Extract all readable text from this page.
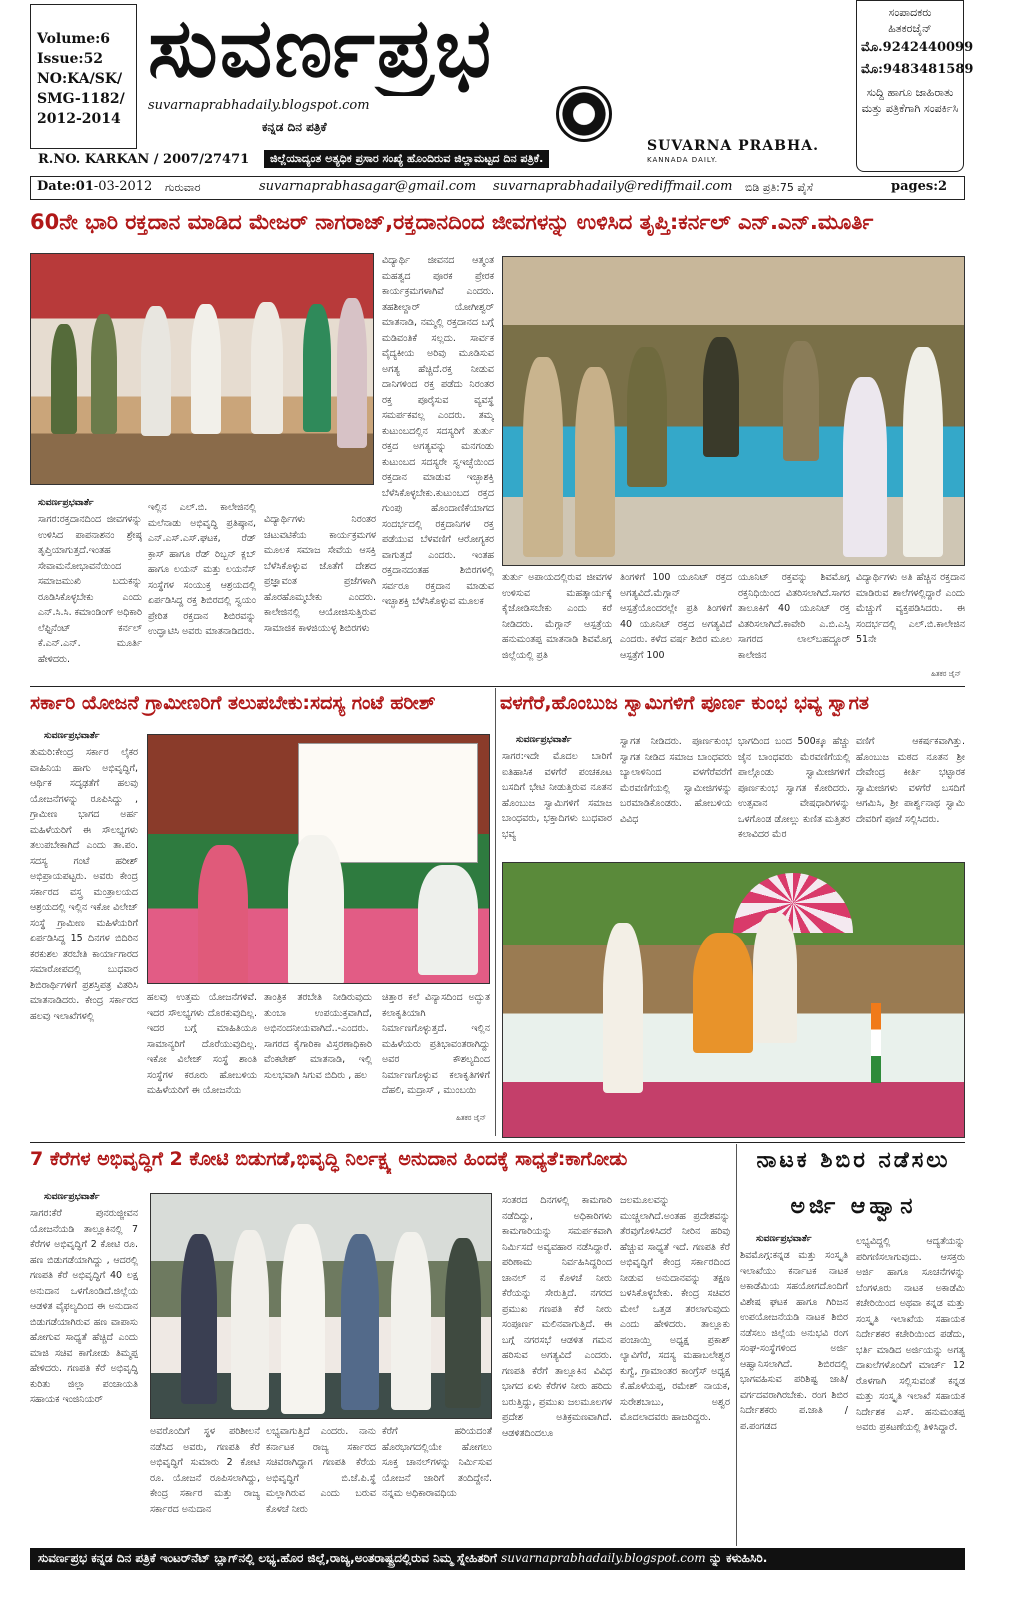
Volume:6
Issue:52
NO:KA/SK/
SMG-1182/
2012-2014
ಸುವರ್ಣಪ್ರಭ
suvarnaprabhadaily.blogspot.com
ಕನ್ನಡ ದಿನ ಪತ್ರಿಕೆ
SUVARNA PRABHA.
KANNADA DAILY.
ಸಂಪಾದಕರು
ಹಿತಕರಜೈನ್
ಮೊ.9242440099
ಮೊ:9483481589
ಸುದ್ದಿ ಹಾಗೂ ಜಾಹಿರಾತು ಮತ್ತು ಪತ್ರಿಕೆಗಾಗಿ ಸಂಪರ್ಕಿಸಿ
R.NO. KARKAN / 2007/27471	ಜಿಲ್ಲೆಯಾದ್ಯಂತ ಅತ್ಯಧಿಕ ಪ್ರಸಾರ ಸಂಖ್ಯೆ ಹೊಂದಿರುವ ಜಿಲ್ಲಾಮಟ್ಟದ ದಿನ ಪತ್ರಿಕೆ.
Date:01-03-2012 ಗುರುವಾರ	suvarnaprabhasagar@gmail.com suvarnaprabhadaily@rediffmail.com ಬಿಡಿ ಪ್ರತಿ:75 ಪೈಸೆ	pages:2
60ನೇ ಭಾರಿ ರಕ್ತದಾನ ಮಾಡಿದ ಮೇಜರ್ ನಾಗರಾಜ್,ರಕ್ತದಾನದಿಂದ ಜೀವಗಳನ್ನು ಉಳಿಸಿದ ತೃಪ್ತಿ:ಕರ್ನಲ್ ಎನ್.ಎನ್.ಮೂರ್ತಿ
ವಿದ್ಯಾರ್ಥಿ ಜೀವನದ ಆತ್ಮಂತ ಮಹತ್ವದ ಪೂರಕ ಪ್ರೇರಕ ಕಾರ್ಯಕ್ರಮಗಳಾಗಿವೆ ಎಂದರು. ತಹಶೀಲ್ದಾರ್ ಯೋಗೀಶ್ವರ್ ಮಾತನಾಡಿ, ನಮ್ಮಲ್ಲಿ ರಕ್ತದಾನದ ಬಗ್ಗೆ ಮಡಿವಂತಿಕೆ ಸಲ್ಲದು. ಸಾರ್ವಕ ವೈದ್ಯಕೀಯ ಅರಿವು ಮೂಡಿಸುವ ಅಗತ್ಯ ಹೆಚ್ಚಿದೆ.ರಕ್ತ ನೀಡುವ ದಾನಿಗಳಿಂದ ರಕ್ತ ಪಡೆದು ನಿರಂತರ ರಕ್ತ ಪೂರೈಸುವ ವ್ಯವಸ್ಥೆ ಸಮರ್ಪಕವಲ್ಲ ಎಂದರು. ತಮ್ಮ ಕುಟುಂಬದಲ್ಲಿನ ಸದಸ್ಯರಿಗೆ ತುರ್ತು ರಕ್ತದ ಅಗತ್ಯವನ್ನು ಮನಗಂಡು ಕುಟುಂಬದ ಸದಸ್ಯರೇ ಸ್ವಇಚ್ಛೆಯಿಂದ ರಕ್ತದಾನ ಮಾಡುವ ಇಚ್ಛಾಶಕ್ತಿ ಬೆಳೆಸಿಕೊಳ್ಳಬೇಕು.ಕುಟುಂಬದ ರಕ್ತದ ಗುಂಪು ಹೊಂದಾಣಿಕೆಯಾಗದ ಸಂದರ್ಭದಲ್ಲಿ ರಕ್ತದಾನಿಗಳ ರಕ್ತ ಪಡೆಯುವ ಬೆಳವಣಿಗೆ ಆರೋಗ್ಯಕರ ವಾಗುತ್ತದೆ ಎಂದರು. ಇಂತಹ ರಕ್ತದಾನದಂತಹ ಶಿಬಿರಗಳಲ್ಲಿ ಸರ್ವರೂ ರಕ್ತದಾನ ಮಾಡುವ ಇಚ್ಛಾಶಕ್ತಿ ಬೆಳೆಸಿಕೊಳ್ಳುವ ಮೂಲಕ
ಸುವರ್ಣಪ್ರಭವಾರ್ತೆ
ಸಾಗರ:ರಕ್ತದಾನದಿಂದ ಜೀವಗಳನ್ನು ಉಳಿಸಿದ ಪಾಪನಾಶನಂ ಶ್ರೇಷ್ಠ ತೃಪ್ತಿಯಾಗುತ್ತದೆ.ಇಂತಹ ಸೇವಾಮನೋಭಾವನೆಯಿಂದ ಸಮಾಜಮುಖಿ ಬದುಕನ್ನು ರೂಡಿಸಿಕೊಳ್ಳಬೇಕು ಎಂದು ಎನ್.ಸಿ.ಸಿ. ಕಮಾಂಡಿಂಗ್ ಅಧಿಕಾರಿ ಲೆಫ್ಟಿನೆಂಟ್ ಕರ್ನಲ್ ಕೆ.ಎನ್.ಎನ್. ಮೂರ್ತಿ ಹೇಳಿದರು.
ಇಲ್ಲಿನ ಎಲ್.ಬಿ. ಕಾಲೇಜಿನಲ್ಲಿ ಮಲೆನಾಡು ಅಭಿವೃದ್ಧಿ ಪ್ರತಿಷ್ಠಾನ, ಎನ್.ಎಸ್.ಎಸ್.ಘಟಕ, ರೆಡ್ ಕ್ರಾಸ್ ಹಾಗೂ ರೆಡ್ ರಿಬ್ಬನ್ ಕ್ಲಬ್ ಹಾಗೂ ಲಯನ್ ಮತ್ತು ಲಯನೆಸ್ ಸಂಸ್ಥೆಗಳ ಸಂಯುಕ್ತ ಆಶ್ರಯದಲ್ಲಿ ಏರ್ಪಡಿಸಿದ್ದ ರಕ್ತ ಶಿಬಿರದಲ್ಲಿ ಸ್ವಯಂ ಪ್ರೇರಿತ ರಕ್ತದಾನ ಶಿಬಿರವನ್ನು ಉದ್ಘಾಟಿಸಿ ಅವರು ಮಾತನಾಡಿದರು.
ವಿದ್ಯಾರ್ಥಿಗಳು ನಿರಂತರ ಚಟುವಟಿಕೆಯ ಕಾರ್ಯಕ್ರಮಗಳ ಮೂಲಕ ಸಮಾಜ ಸೇವೆಯ ಆಸಕ್ತಿ ಬೆಳೆಸಿಕೊಳ್ಳುವ ಜೊತೆಗೆ ದೇಶದ ಪ್ರಜ್ಞಾವಂತ ಪ್ರಜೆಗಳಾಗಿ ಹೊರಹೊಮ್ಮಬೇಕು ಎಂದರು. ಕಾಲೇಜಿನಲ್ಲಿ ಆಯೋಜಿಸುತ್ತಿರುವ ಸಾಮಾಜಿಕ ಕಾಳಜಿಯುಳ್ಳ ಶಿಬಿರಗಳು
ತುರ್ತು ಅಪಾಯದಲ್ಲಿರುವ ಜೀವಗಳ ಉಳಿಸುವ ಮಹತ್ಕಾರ್ಯಕ್ಕೆ ಕೈಜೋಡಿಸಬೇಕು ಎಂದು ಕರೆ ನೀಡಿದರು. ಮೆಗ್ಗಾನ್ ಆಸ್ಪತ್ರೆಯ ಹನುಮಂತಪ್ಪ ಮಾತನಾಡಿ ಶಿವಮೊಗ್ಗ ಜಿಲ್ಲೆಯಲ್ಲಿ ಪ್ರತಿ
ತಿಂಗಳಿಗೆ 100 ಯೂನಿಟ್ ರಕ್ತದ ಅಗತ್ಯವಿದೆ.ಮೆಗ್ಗಾನ್ ಆಸ್ಪತ್ರೆಯೊಂದರಲ್ಲೇ ಪ್ರತಿ ತಿಂಗಳಿಗೆ 40 ಯೂನಿಟ್ ರಕ್ತದ ಅಗತ್ಯವಿದೆ ಎಂದರು. ಕಳೆದ ವರ್ಷ ಶಿಬಿರ ಮೂಲ ಆಸ್ಪತ್ರೆಗೆ 100
ಯೂನಿಟ್ ರಕ್ತವನ್ನು ಶಿವಮೊಗ್ಗ ರಕ್ತನಿಧಿಯಿಂದ ವಿತರಿಸಲಾಗಿದೆ.ಸಾಗರ ತಾಲೂಕಿಗೆ 40 ಯೂನಿಟ್ ರಕ್ತ ವಿತರಿಸಲಾಗಿದೆ.ಕಾವೇರಿ ಎ.ಬಿ.ಎಸ್ಸಿ ಸಾಗರದ ಲಾಲ್‌ಬಹದ್ದೂರ್ ಕಾಲೇಜಿನ
ವಿದ್ಯಾರ್ಥಿಗಳು ಅತಿ ಹೆಚ್ಚಿನ ರಕ್ತದಾನ ಮಾಡಿರುವ ಶಾಲೆಗಳಲ್ಲಿದ್ದಾರೆ ಎಂದು ಮೆಚ್ಚುಗೆ ವ್ಯಕ್ತಪಡಿಸಿದರು. ಈ ಸಂದರ್ಭದಲ್ಲಿ ಎಲ್.ಬಿ.ಕಾಲೇಜಿನ 51ನೇ
ಹಿತಕರ ಜೈನ್
ಸರ್ಕಾರಿ ಯೋಜನೆ ಗ್ರಾಮೀಣರಿಗೆ ತಲುಪಬೇಕು:ಸದಸ್ಯ ಗಂಟೆ ಹರೀಶ್
ಸುವರ್ಣಪ್ರಭವಾರ್ತೆ
ತುಮರಿ:ಕೇಂದ್ರ ಸರ್ಕಾರ ಲೈಕರ ವಾಹಿನಿಯ ಹಾಗು ಅಭಿವೃದ್ಧಿಗೆ, ಆರ್ಥಿಕ ಸದೃಢತೆಗೆ ಹಲವು ಯೋಜನೆಗಳನ್ನು ರೂಪಿಸಿದ್ದು , ಗ್ರಾಮೀಣ ಭಾಗದ ಅರ್ಹ ಮಹಿಳೆಯರಿಗೆ ಈ ಸೌಲಭ್ಯಗಳು ತಲುಪಬೇಕಾಗಿದೆ ಎಂದು ತಾ.ಪಂ. ಸದಸ್ಯ ಗಂಟೆ ಹರೀಶ್ ಅಭಿಪ್ರಾಯಪಟ್ಟರು. ಅವರು ಕೇಂದ್ರ ಸರ್ಕಾರದ ವಸ್ತ್ರ ಮಂತ್ರಾಲಯದ ಆಶ್ರಯದಲ್ಲಿ ಇಲ್ಲಿನ ಇಕೋ ವಿಲೇಜ್ ಸಂಸ್ಥೆ ಗ್ರಾಮೀಣ ಮಹಿಳೆಯರಿಗೆ ಏರ್ಪಡಿಸಿದ್ದ 15 ದಿನಗಳ ಬಿದಿರಿನ ಕರಕುಶಲ ತರಬೇತಿ ಕಾರ್ಯಾಗಾರದ ಸಮಾರೋಪದಲ್ಲಿ ಬುಧವಾರ ಶಿಬಿರಾರ್ಥಿಗಳಿಗೆ ಪ್ರಶಸ್ತಿಪತ್ರ ವಿತರಿಸಿ ಮಾತನಾಡಿದರು. ಕೇಂದ್ರ ಸರ್ಕಾರದ ಹಲವು ಇಲಾಖೆಗಳಲ್ಲಿ
ಹಲವು ಉತ್ತಮ ಯೋಜನೆಗಳಿವೆ. ಇದರ ಸೌಲಭ್ಯಗಳು ದೊರಕುವುದಿಲ್ಲ. ಇದರ ಬಗ್ಗೆ ಮಾಹಿತಿಯೂ ಸಾಮಾನ್ಯರಿಗೆ ದೊರೆಯುವುದಿಲ್ಲ. ಇಕೋ ವಿಲೇಜ್ ಸಂಸ್ಥೆ ಶಾಂತಿ ಸಂಸ್ಥೆಗಳ ಕರೂರು ಹೋಬಳಿಯ ಮಹಿಳೆಯರಿಗೆ ಈ ಯೋಜನೆಯ
ತಾಂತ್ರಿಕ ತರಬೇತಿ ನೀಡಿರುವುದು ತುಂಬಾ ಉಪಯುಕ್ತವಾಗಿದೆ, ಅಭಿನಂದನೀಯವಾಗಿದೆ..-ಎಂದರು. ಸಾಗರದ ಕೈಗಾರಿಕಾ ವಿಸ್ತರಣಾಧಿಕಾರಿ ವೆಂಕಟೇಶ್ ಮಾತನಾಡಿ, ಇಲ್ಲಿ ಸುಲಭವಾಗಿ ಸಿಗುವ ಬಿದಿರು , ಹಲ
ಚಿತ್ತಾರ ಕಲೆ ವಿನ್ಯಾಸದಿಂದ ಅದ್ಭುತ ಕಲಾಕೃತಿಯಾಗಿ ನಿರ್ಮಾಣಗೊಳ್ಳುತ್ತದೆ. ಇಲ್ಲಿನ ಮಹಿಳೆಯರು ಪ್ರತಿಭಾವಂತರಾಗಿದ್ದು ಅವರ ಕೌಶಲ್ಯದಿಂದ ನಿರ್ಮಾಣಗೊಳ್ಳುವ ಕಲಾಕೃತಿಗಳಿಗೆ ದೆಹಲಿ, ಮದ್ರಾಸ್ , ಮುಂಬಯಿ
ಹಿತಕರ ಜೈನ್
ವಳಗೆರೆ,ಹೊಂಬುಜ ಸ್ವಾಮಿಗಳಿಗೆ ಪೂರ್ಣ ಕುಂಭ ಭವ್ಯ ಸ್ವಾಗತ
ಸುವರ್ಣಪ್ರಭವಾರ್ತೆ
ಸಾಗರ:ಇದೇ ಮೊದಲ ಬಾರಿಗೆ ಐತಿಹಾಸಿಕ ವಳಗೆರೆ ಪಂಚಕೂಟ ಬಸದಿಗೆ ಭೇಟಿ ನೀಡುತ್ತಿರುವ ನೂತನ ಹೊಂಬುಜ ಸ್ವಾಮಿಗಳಿಗೆ ಸಮಾಜ ಬಾಂಧವರು, ಭಕ್ತಾದಿಗಳು ಬುಧವಾರ ಭವ್ಯ
ಸ್ವಾಗತ ನೀಡಿದರು. ಪೂರ್ಣಕುಂಭ ಸ್ವಾಗತ ನೀಡಿದ ಸಮಾಜ ಬಾಂಧವರು ಬ್ಯಾಲಾಳಿನಿಂದ ವಳಗೆರೆವರೆಗೆ ಮೆರವಣಿಗೆಯಲ್ಲಿ ಸ್ವಾಮೀಜಿಗಳನ್ನು ಬರಮಾಡಿಕೊಂಡರು. ಹೋಬಳಿಯ ವಿವಿಧ
ಭಾಗದಿಂದ ಬಂದ 500ಕ್ಕೂ ಹೆಚ್ಚು ಜೈನ ಬಾಂಧವರು ಮೆರವಣಿಗೆಯಲ್ಲಿ ಪಾಲ್ಗೊಂಡು ಸ್ವಾಮೀಜಿಗಳಿಗೆ ಪೂರ್ಣಕುಂಭ ಸ್ವಾಗತ ಕೋರಿದರು. ಉತ್ಸವಾನ ವೇಷಧಾರಿಗಳನ್ನು ಒಳಗೊಂಡ ಡೋಲ್ಲು ಕುಣಿತ ಮತ್ತಿತರ ಕಲಾವಿದರ ಮೆರ
ವಣಿಗೆ ಆಕರ್ಷಕವಾಗಿತ್ತು. ಹೊಂಬುಜ ಮಠದ ನೂತನ ಶ್ರೀ ದೇವೇಂದ್ರ ಕೀರ್ತಿ ಭಟ್ಟಾರಕ ಸ್ವಾಮೀಜಿಗಳು ವಳಗೆರೆ ಬಸದಿಗೆ ಆಗಮಿಸಿ, ಶ್ರೀ ಪಾರ್ಶ್ವನಾಥ ಸ್ವಾಮಿ ದೇವರಿಗೆ ಪೂಜೆ ಸಲ್ಲಿಸಿದರು.
7 ಕೆರೆಗಳ ಅಭಿವೃದ್ಧಿಗೆ 2 ಕೋಟಿ ಬಿಡುಗಡೆ,ಭಿವೃದ್ಧಿ ನಿರ್ಲಕ್ಷ್ಯ ಅನುದಾನ ಹಿಂದಕ್ಕೆ ಸಾಧ್ಯತೆ:ಕಾಗೋಡು
ಸುವರ್ಣಪ್ರಭವಾರ್ತೆ
ಸಾಗರ:ಕೆರೆ ಪುನರುಜ್ಜೀವನ ಯೋಜನೆಯಡಿ ತಾಲ್ಲೂಕಿನಲ್ಲಿ 7 ಕೆರೆಗಳ ಅಭಿವೃದ್ಧಿಗೆ 2 ಕೋಟಿ ರೂ. ಹಣ ಬಿಡುಗಡೆಯಾಗಿದ್ದು , ಆದರಲ್ಲಿ ಗಣಪತಿ ಕೆರೆ ಅಭಿವೃದ್ಧಿಗೆ 40 ಲಕ್ಷ ಅನುದಾನ ಒಳಗೊಂಡಿದೆ.ಜಿಲ್ಲೆಯ ಆಡಳಿತ ವೈಫಲ್ಯದಿಂದ ಈ ಅನುದಾನ ಬಿಡುಗಡೆಯಾಗಿರುವ ಹಣ ವಾಪಾಸು ಹೋಗುವ ಸಾಧ್ಯತೆ ಹೆಚ್ಚಿದೆ ಎಂದು ಮಾಜಿ ಸಚಿವ ಕಾಗೋಡು ತಿಮ್ಮಪ್ಪ ಹೇಳಿದರು. ಗಣಪತಿ ಕೆರೆ ಅಭಿವೃದ್ಧಿ ಕುರಿತು ಜಿಲ್ಲಾ ಪಂಚಾಯತಿ ಸಹಾಯಕ ಇಂಜಿನಿಯರ್
ಅವರೊಂದಿಗೆ ಸ್ಥಳ ಪರಿಶೀಲನೆ ನಡೆಸಿದ ಅವರು, ಗಣಪತಿ ಕೆರೆ ಅಭಿವೃದ್ಧಿಗೆ ಸುಮಾರು 2 ಕೋಟಿ ರೂ. ಯೋಜನೆ ರೂಪಿಸಲಾಗಿದ್ದು, ಕೇಂದ್ರ ಸರ್ಕಾರ ಮತ್ತು ರಾಜ್ಯ ಸರ್ಕಾರದ ಅನುದಾನ
ಲಭ್ಯವಾಗುತ್ತಿದೆ ಎಂದರು. ನಾನು ಕರ್ನಾಟಕ ರಾಜ್ಯ ಸರ್ಕಾರದ ಸಚಿವರಾಗಿದ್ದಾಗ ಗಣಪತಿ ಕೆರೆಯ ಅಭಿವೃದ್ಧಿಗೆ ಬಿ.ಜೆ.ಪಿ.ಸ್ಥೆ ಮಲ್ಲಾಗಿರುವ ಎಂದು ಬರುವ ಕೊಳಚೆ ನೀರು
ಕೆರೆಗೆ ಹರಿಯದಂತೆ ಹೊರಭಾಗದಲ್ಲಿಯೇ ಹೋಗಲು ಸೂಕ್ತ ಚಾನಲ್‌ಗಳನ್ನು ನಿರ್ಮಿಸುವ ಯೋಜನೆ ಜಾರಿಗೆ ತಂದಿದ್ದೇನೆ. ನನ್ನಮ ಅಧಿಕಾರಾವಧಿಯ
ಸಂತರದ ದಿನಗಳಲ್ಲಿ ಕಾಮಗಾರಿ ನಡೆದಿದ್ದು, ಅಧಿಕಾರಿಗಳು ಕಾಮಗಾರಿಯನ್ನು ಸಮರ್ಪಕವಾಗಿ ನಿರ್ಮಿಸದೆ ಅವ್ಯವಹಾರ ನಡೆಸಿದ್ದಾರೆ. ಪರಿಣಾಮ ನಿರ್ವಹಿಸಿದ್ದರಿಂದ ಚಾನಲ್ ನ ಕೊಳಚೆ ನೀರು ಕೆರೆಯನ್ನು ಸೇರುತ್ತಿದೆ. ನಗರದ ಪ್ರಮುಖ ಗಣಪತಿ ಕೆರೆ ನೀರು ಸಂಪೂರ್ಣ ಮಲಿನವಾಗುತ್ತಿದೆ. ಈ ಬಗ್ಗೆ ನಗರಸಭೆ ಆಡಳಿತ ಗಮನ ಹರಿಸುವ ಅಗತ್ಯವಿದೆ ಎಂದರು. ಗಣಪತಿ ಕೆರೆಗೆ ತಾಲ್ಲೂಕಿನ ವಿವಿಧ ಭಾಗದ ಏಳು ಕೆರೆಗಳ ನೀರು ಹರಿದು ಬರುತ್ತಿದ್ದು, ಪ್ರಮುಖ ಜಲಮೂಲಗಳ ಪ್ರದೇಶ ಅತಿಕ್ರಮಣವಾಗಿದೆ. ಆಡಳಿತದಿಂದಲೂ
ಜಲಮೂಲವನ್ನು ಮುಚ್ಚಲಾಗಿದೆ.ಅಂತಹ ಪ್ರದೇಶವನ್ನು ತೆರವುಗೊಳಿಸಿದರೆ ನೀರಿನ ಹರಿವು ಹೆಚ್ಚುವ ಸಾಧ್ಯತೆ ಇದೆ. ಗಣಪತಿ ಕೆರೆ ಅಭಿವೃದ್ಧಿಗೆ ಕೇಂದ್ರ ಸರ್ಕಾರದಿಂದ ನೀಡುವ ಅನುದಾನವನ್ನು ತಕ್ಷಣ ಬಳಸಿಕೊಳ್ಳಬೇಕು. ಕೇಂದ್ರ ಸಚಿವರ ಮೇಲೆ ಒತ್ತಡ ತರಲಾಗುವುದು ಎಂದು ಹೇಳಿದರು. ತಾಲ್ಲೂಕು ಪಂಚಾಯ್ತಿ ಅಧ್ಯಕ್ಷ ಪ್ರಕಾಶ್ ಲ್ಯಾವಿಗೆರೆ, ಸದಸ್ಯ ಮಹಾಬಲೇಶ್ವರ ಕುಗ್ವೆ, ಗ್ರಾಮಾಂತರ ಕಾಂಗ್ರೆಸ್ ಅಧ್ಯಕ್ಷ ಕೆ.ಹೊಳೆಯಪ್ಪ, ರಮೇಶ್ ನಾಯಕ, ಸುರೇಶಬಾಬು, ಅಶ್ವರ ಮೊದಲಾದವರು ಹಾಜರಿದ್ದರು.
ನಾಟಕ ಶಿಬಿರ ನಡೆಸಲು
ಅರ್ಜಿ ಆಹ್ವಾನ
ಸುವರ್ಣಪ್ರಭವಾರ್ತೆ
ಶಿವಮೊಗ್ಗ:ಕನ್ನಡ ಮತ್ತು ಸಂಸ್ಕೃತಿ ಇಲಾಖೆಯು ಕರ್ನಾಟಕ ನಾಟಕ ಅಕಾಡೆಮಿಯ ಸಹಯೋಗದೊಂದಿಗೆ ವಿಶೇಷ ಘಟಕ ಹಾಗೂ ಗಿರಿಜನ ಉಪಯೋಜನೆಯಡಿ ನಾಟಕ ಶಿಬಿರ ನಡೆಸಲು ಜಿಲ್ಲೆಯ ಅನುಭವಿ ರಂಗ ಸಂಘ-ಸಂಸ್ಥೆಗಳಿಂದ ಅರ್ಜಿ ಆಹ್ವಾನಿಸಲಾಗಿದೆ. ಶಿಬಿರದಲ್ಲಿ ಭಾಗವಹಿಸುವ ಪರಿಶಿಷ್ಟ ಜಾತಿ/ವರ್ಗದವರಾಗಿರಬೇಕು. ರಂಗ ಶಿಬಿರ ನಿರ್ದೇಶಕರು ಪ.ಜಾತಿ / ಪ.ಪಂಗಡದ
ಲಭ್ಯವಿದ್ದಲ್ಲಿ ಆದ್ಯತೆಯನ್ನು ಪರಿಗಣಿಸಲಾಗುವುದು. ಆಸಕ್ತರು ಅರ್ಜಿ ಹಾಗೂ ಸೂಚನೆಗಳನ್ನು ಬೆಂಗಳೂರು ನಾಟಕ ಅಕಾಡೆಮಿ ಕಚೇರಿಯಿಂದ ಅಥವಾ ಕನ್ನಡ ಮತ್ತು ಸಂಸ್ಕೃತಿ ಇಲಾಖೆಯ ಸಹಾಯಕ ನಿರ್ದೇಶಕರ ಕಚೇರಿಯಿಂದ ಪಡೆದು, ಭರ್ತಿ ಮಾಡಿದ ಅರ್ಜಿಯನ್ನು ಅಗತ್ಯ ದಾಖಲೆಗಳೊಂದಿಗೆ ಮಾರ್ಚ್ 12 ರೊಳಗಾಗಿ ಸಲ್ಲಿಸುವಂತೆ ಕನ್ನಡ ಮತ್ತು ಸಂಸ್ಕೃತಿ ಇಲಾಖೆ ಸಹಾಯಕ ನಿರ್ದೇಶಕ ಎಸ್. ಹನುಮಂತಪ್ಪ ಅವರು ಪ್ರಕಟಣೆಯಲ್ಲಿ ತಿಳಿಸಿದ್ದಾರೆ.
ಸುವರ್ಣಪ್ರಭ ಕನ್ನಡ ದಿನ ಪತ್ರಿಕೆ ಇಂಟರ್‌ನೆಟ್ ಬ್ಲಾಗ್‌ನಲ್ಲಿ ಲಭ್ಯ.ಹೊರ ಜಿಲ್ಲೆ,ರಾಜ್ಯ,ಅಂತರಾಷ್ಟ್ರದಲ್ಲಿರುವ ನಿಮ್ಮ ಸ್ನೇಹಿತರಿಗೆ suvarnaprabhadaily.blogspot.com ನ್ನು ಕಳುಹಿಸಿರಿ.
